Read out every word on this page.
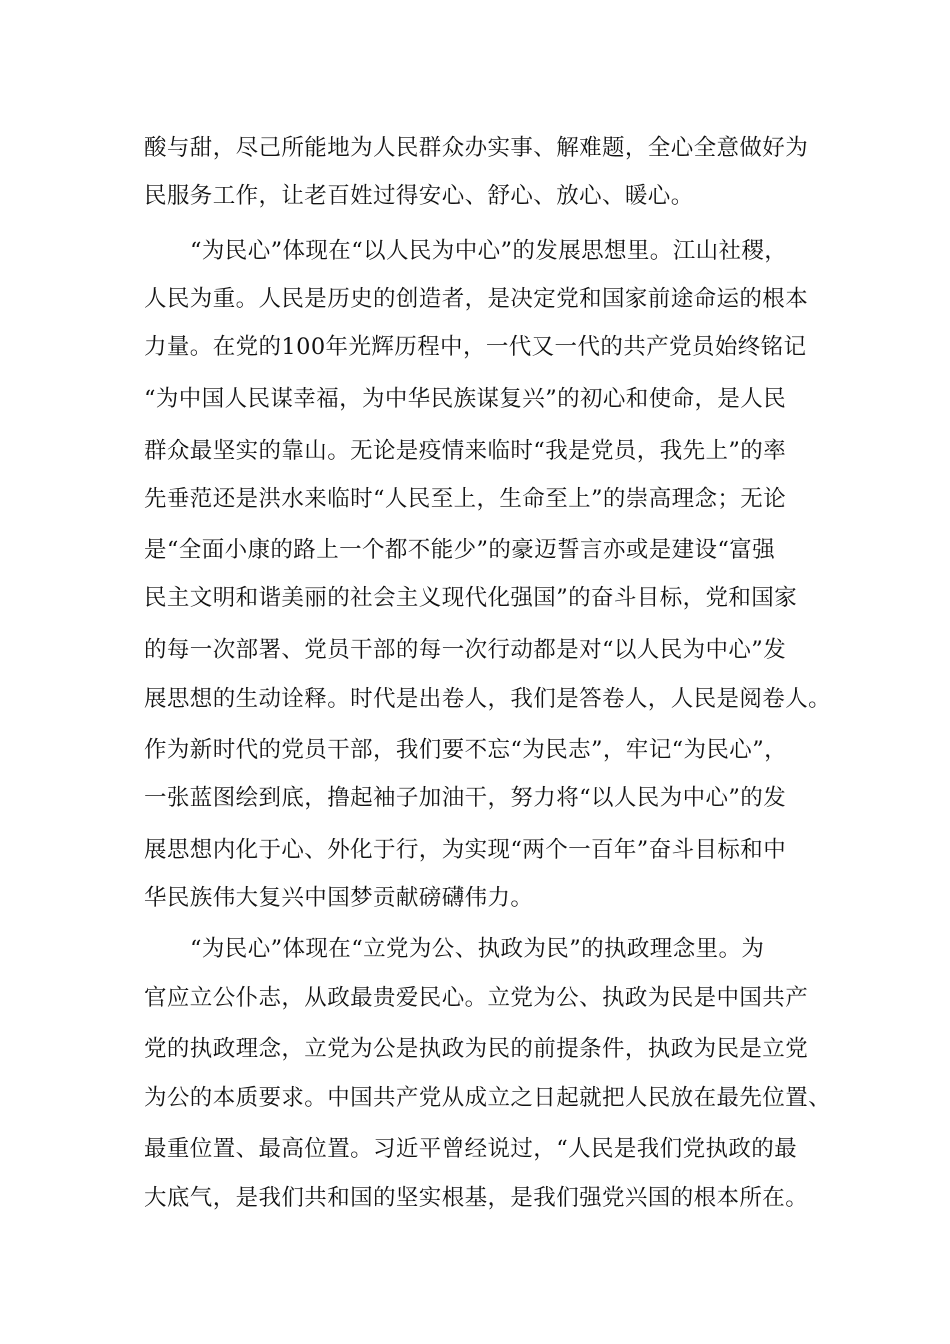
酸与甜，尽己所能地为人民群众办实事、解难题，全心全意做好为
民服务工作，让老百姓过得安心、舒心、放心、暖心。
“为民心”体现在“以人民为中心”的发展思想里。江山社稷，
人民为重。人民是历史的创造者，是决定党和国家前途命运的根本
力量。在党的100年光辉历程中，一代又一代的共产党员始终铭记
“为中国人民谋幸福，为中华民族谋复兴”的初心和使命，是人民
群众最坚实的靠山。无论是疫情来临时“我是党员，我先上”的率
先垂范还是洪水来临时“人民至上，生命至上”的崇高理念；无论
是“全面小康的路上一个都不能少”的豪迈誓言亦或是建设“富强
民主文明和谐美丽的社会主义现代化强国”的奋斗目标，党和国家
的每一次部署、党员干部的每一次行动都是对“以人民为中心”发
展思想的生动诠释。时代是出卷人，我们是答卷人，人民是阅卷人。
作为新时代的党员干部，我们要不忘“为民志”，牢记“为民心”，
一张蓝图绘到底，撸起袖子加油干，努力将“以人民为中心”的发
展思想内化于心、外化于行，为实现“两个一百年”奋斗目标和中
华民族伟大复兴中国梦贡献磅礴伟力。
“为民心”体现在“立党为公、执政为民”的执政理念里。为
官应立公仆志，从政最贵爱民心。立党为公、执政为民是中国共产
党的执政理念，立党为公是执政为民的前提条件，执政为民是立党
为公的本质要求。中国共产党从成立之日起就把人民放在最先位置、
最重位置、最高位置。习近平曾经说过，“人民是我们党执政的最
大底气，是我们共和国的坚实根基，是我们强党兴国的根本所在。
